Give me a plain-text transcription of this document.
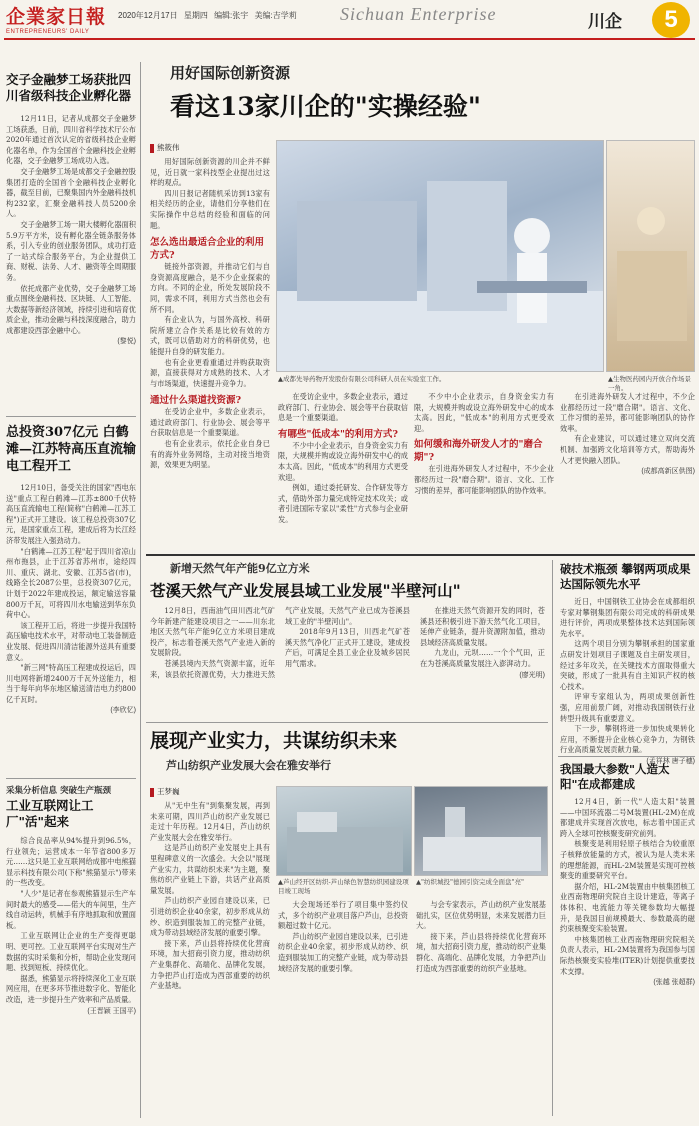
企業家日報
ENTREPRENEURS' DAILY
2020年12月17日 星期四 编辑:张宇 美编:吉学莉 Sichuan Enterprise	川企	5
交子金融梦工场获批四川省级科技企业孵化器

12月11日，记者从成都交子金融梦工场获悉，日前，四川省科学技术厅公布2020年通过首次认定的省级科技企业孵化器名单，作为全国首个金融科技企业孵化器，交子金融梦工场成功入选。

交子金融梦工场是成都交子金融控股集团打造的全国首个金融科技企业孵化器，截至目前，已聚集国内外金融科技机构232家，汇聚金融科技人员5200余人。

交子金融梦工场一期大楼孵化器面积5.9万平方米，设有孵化器全链条服务体系，引入专业的创业服务团队，成功打造了一站式综合服务平台，为企业提供工商、财税、法务、人才、融资等全周期服务。

依托成都产业优势，交子金融梦工场重点围绕金融科技、区块链、人工智能、大数据等新经济领域，持续引进和培育优质企业，推动金融与科技深度融合，助力成都建设西部金融中心。

(黎悦)
总投资307亿元 白鹤滩—江苏特高压直流输电工程开工

12月10日，备受关注的国家"西电东送"重点工程白鹤滩—江苏±800千伏特高压直流输电工程(简称"白鹤滩—江苏工程")正式开工建设。该工程总投资307亿元，是国家重点工程，建成后将为长江经济带发展注入强劲动力。

"白鹤滩—江苏工程"起于四川省凉山州布拖县，止于江苏省苏州市，途经四川、重庆、湖北、安徽、江苏5省(市)，线路全长2087公里，总投资307亿元，计划于2022年建成投运，额定输送容量800万千瓦，可将四川水电输送到华东负荷中心。

该工程开工后，将进一步提升我国特高压输电技术水平，对带动电工装备制造业发展、促进四川清洁能源外送具有重要意义。

"新三网"特高压工程建成投运后，四川电网将新增2400万千瓦外送能力，相当于每年向华东地区输送清洁电力约800亿千瓦时。

(李欣忆)
采集分析信息 突破生产瓶颈
工业互联网让工厂"活"起来

综合良品率从94%提升到96.5%，行业领先；运营成本一年节省800多万元……这只是工业互联网给成都中电熊猫显示科技有限公司(下称"熊猫显示")带来的一些改变。

"人少"是记者在参观熊猫显示生产车间时最大的感受——偌大的车间里，生产线自动运转，机械手有序地抓取和放置面板。

工业互联网让企业的生产变得更聪明、更可控。工业互联网平台实现对生产数据的实时采集和分析，帮助企业发现问题、找到短板、持续优化。

据悉，熊猫显示将持续深化工业互联网应用，在更多环节推进数字化、智能化改造，进一步提升生产效率和产品质量。

(王晋颖 王国平)
用好国际创新资源
看这13家川企的"实操经验"
熊筱伟

用好国际创新资源的川企并不鲜见，近日就一家科技型企业提出过这样的观点。

四川日报记者随机采访到13家有相关经历的企业，请他们分享他们在实际操作中总结的经验和面临的问题。

怎么选出最适合企业的利用方式?

链接外部资源，并推动它们与自身资源高度融合，是不少企业探索的方向。不同的企业，所处发展阶段不同，需求不同，利用方式当然也会有所不同。

有企业认为，与国外高校、科研院所建立合作关系是比较有效的方式，既可以借助对方的科研优势，也能提升自身的研发能力。

也有企业更看重通过并购获取资源，直接获得对方成熟的技术、人才与市场渠道，快速提升竞争力。

通过什么渠道找资源?

在受访企业中，多数企业表示，通过政府部门、行业协会、展会等平台获取信息是一个重要渠道。

也有企业表示，依托企业自身已有的海外业务网络，主动对接当地资源，效果更为明显。

▲成都先导药物开发股份有限公司科研人员在实验室工作。	▲生物医药园内开放合作场景一角。

在受访企业中，多数企业表示，通过政府部门、行业协会、展会等平台获取信息是一个重要渠道。

有哪些"低成本"的利用方式?

不少中小企业表示，自身资金实力有限，大规模并购或设立海外研发中心的成本太高。因此，"低成本"的利用方式更受欢迎。

例如，通过委托研发、合作研发等方式，借助外部力量完成特定技术攻关；或者引进国际专家以"柔性"方式参与企业研发。

不少中小企业表示，自身资金实力有限，大规模并购或设立海外研发中心的成本太高。因此，"低成本"的利用方式更受欢迎。

如何缓和海外研发人才的"磨合期"?

在引进海外研发人才过程中，不少企业都经历过一段"磨合期"。语言、文化、工作习惯的差异，都可能影响团队的协作效率。

在引进海外研发人才过程中，不少企业都经历过一段"磨合期"。语言、文化、工作习惯的差异，都可能影响团队的协作效率。

有企业建议，可以通过建立双向交流机制、加强跨文化培训等方式，帮助海外人才更快融入团队。

(成都高新区供图)
新增天然气年产能9亿立方米
苍溪天然气产业发展县域工业发展"半壁河山"

12月8日，西南油气田川西北气矿今年新建产能建设项目之一——川东北地区天然气年产能9亿立方米项目建成投产，标志着苍溪天然气产业进入新的发展阶段。

苍溪县境内天然气资源丰富，近年来，该县依托资源优势，大力推进天然气产业发展，天然气产业已成为苍溪县域工业的"半壁河山"。

2018年9月13日，川西北气矿苍溪天然气净化厂正式开工建设，建成投产后，可满足全县工业企业及城乡居民用气需求。

在推进天然气资源开发的同时，苍溪县还积极引进下游天然气化工项目，延伸产业链条，提升资源附加值，推动县域经济高质量发展。

九龙山，元坝……一个个气田，正在为苍溪高质量发展注入澎湃动力。

(廖光明)
破技术瓶颈 攀钢两项成果达国际领先水平

近日，中国钢铁工业协会在成都组织专家对攀钢集团有限公司完成的科研成果进行评价，两项成果整体技术达到国际领先水平。

这两个项目分别为攀钢承担的国家重点研发计划项目子课题及自主研发项目，经过多年攻关，在关键技术方面取得重大突破，形成了一批具有自主知识产权的核心技术。

评审专家组认为，两项成果创新性强，应用前景广阔，对推动我国钢铁行业转型升级具有重要意义。

下一步，攀钢将进一步加快成果转化应用，不断提升企业核心竞争力，为钢铁行业高质量发展贡献力量。

(孟祥林 唐子穗)
我国最大参数"人造太阳"在成都建成

12月4日，新一代"人造太阳"装置——中国环流器二号M装置(HL-2M)在成都建成并实现首次放电，标志着中国正式跨入全球可控核聚变研究前列。

核聚变是利用轻原子核结合为较重原子核释放能量的方式，被认为是人类未来的理想能源，而HL-2M装置是实现可控核聚变的重要研究平台。

据介绍，HL-2M装置由中核集团核工业西南物理研究院自主设计建造，等离子体体积、电流能力等关键参数均大幅提升，是我国目前规模最大、参数最高的磁约束核聚变实验装置。

中核集团核工业西南物理研究院相关负责人表示，HL-2M装置将为我国参与国际热核聚变实验堆(ITER)计划提供重要技术支撑。

(张越 张超群)
展现产业实力，共谋纺织未来
芦山纺织产业发展大会在雅安举行
王梦巍

从"无中生有"到集聚发展，再到未来可期，四川芦山纺织产业发展已走过十年历程。12月4日，芦山纺织产业发展大会在雅安举行。

这是芦山纺织产业发展史上具有里程碑意义的一次盛会。大会以"展现产业实力，共谋纺织未来"为主题，聚焦纺织产业链上下游，共话产业高质量发展。

芦山纺织产业园自建设以来，已引进纺织企业40余家，初步形成从纺纱、织造到服装加工的完整产业链，成为带动县域经济发展的重要引擎。

接下来，芦山县将持续优化营商环境，加大招商引资力度，推动纺织产业集群化、高端化、品牌化发展，力争把芦山打造成为西部重要的纺织产业基地。

▲芦山经开区纺织-芦山绿色智慧纺织园建设项目竣工现场
▲"纺织城投"德园引资完成全面盘"亮"

大会现场还举行了项目集中签约仪式，多个纺织产业项目落户芦山，总投资额超过数十亿元。

芦山纺织产业园自建设以来，已引进纺织企业40余家，初步形成从纺纱、织造到服装加工的完整产业链，成为带动县域经济发展的重要引擎。

与会专家表示，芦山纺织产业发展基础扎实，区位优势明显，未来发展潜力巨大。

接下来，芦山县将持续优化营商环境，加大招商引资力度，推动纺织产业集群化、高端化、品牌化发展，力争把芦山打造成为西部重要的纺织产业基地。
